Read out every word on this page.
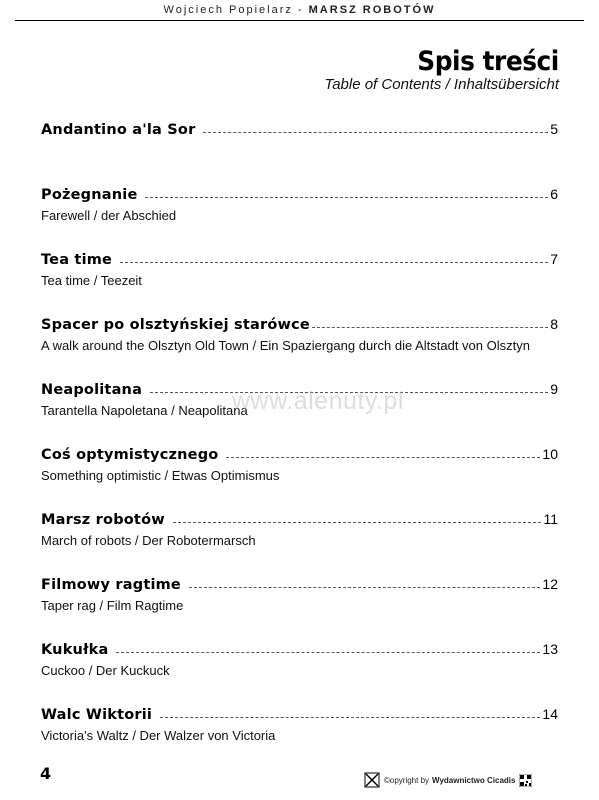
Wojciech Popielarz - MARSZ ROBOTÓW
Spis treści
Table of Contents / Inhaltsübersicht
Andantino a'la Sor	5
Pożegnanie	6
Farewell / der Abschied
Tea time	7
Tea time / Teezeit
Spacer po olsztyńskiej starówce	8
A walk around the Olsztyn Old Town / Ein Spaziergang durch die Altstadt von Olsztyn
Neapolitana	9
Tarantella Napoletana / Neapolitana
Coś optymistycznego	10
Something optimistic / Etwas Optimismus
Marsz robotów	11
March of robots / Der Robotermarsch
Filmowy ragtime	12
Taper rag / Film Ragtime
Kukułka	13
Cuckoo / Der Kuckuck
Walc Wiktorii	14
Victoria's Waltz / Der Walzer von Victoria
www.alenuty.pl
4	©opyright by Wydawnictwo Cicadis
